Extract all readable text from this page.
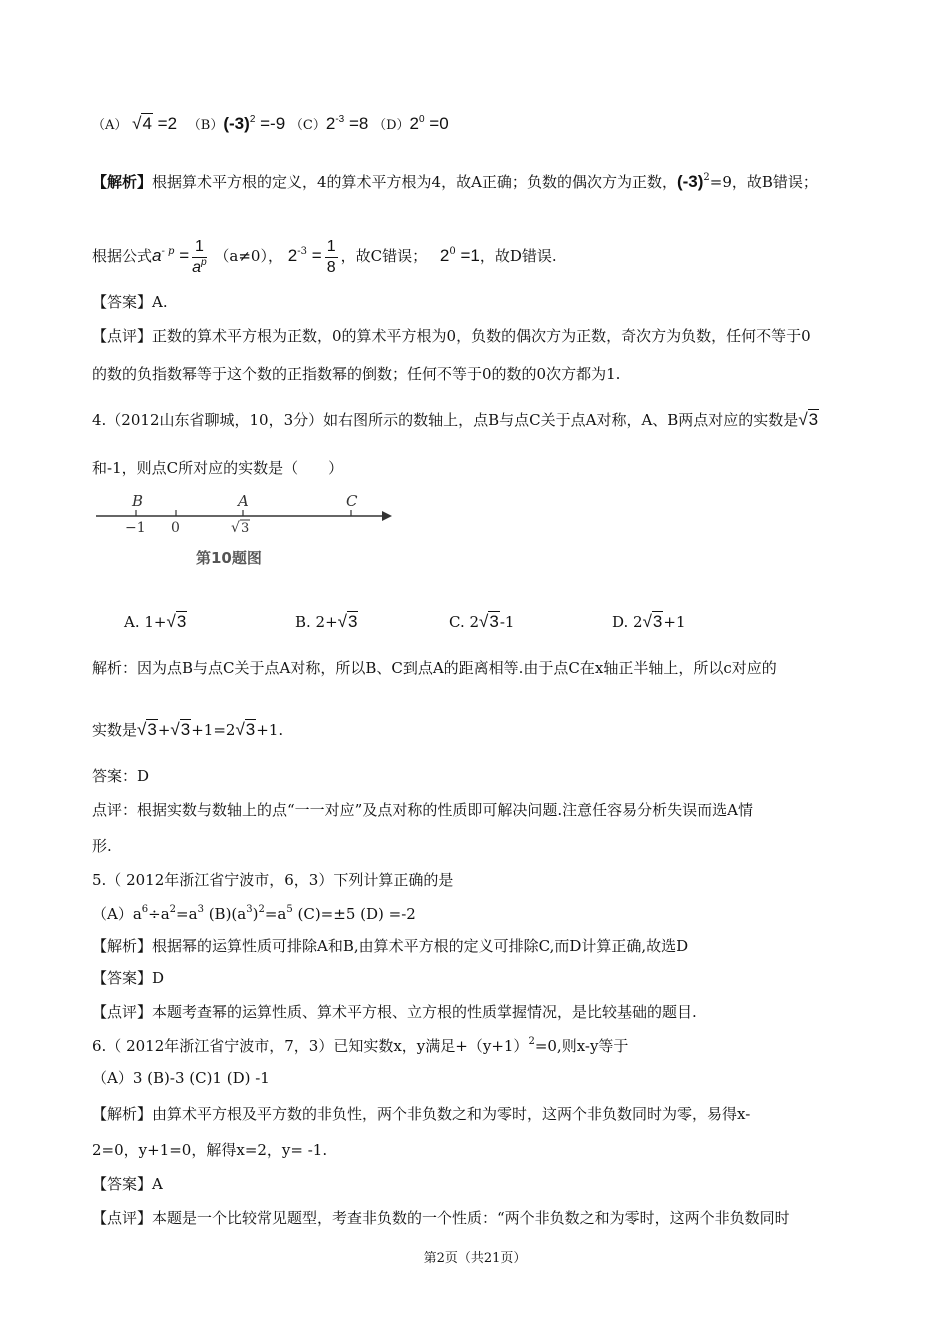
（A） √4 =2 $(B)(-3)^2 =-9$ $(C)2^{-3} =8$ $(D)2^0 =0$
【解析】根据算术平方根的定义，4的算术平方根为4，故A正确；负数的偶次方为正数，$(-3)^2=9$，故B错误；
根据公式$a^{- p} = \frac{1}{a^p} (a\ne 0)$， $2^{-3} = \frac{1}{8}$ ，故C错误； $2^0 =1$，故D错误.
【答案】A.
【点评】正数的算术平方根为正数，0的算术平方根为0，负数的偶次方为正数，奇次方为负数，任何不等于0
的数的负指数幂等于这个数的正指数幂的倒数；任何不等于0的数的0次方都为1.
4.（2012山东省聊城，10，3分）如右图所示的数轴上，点B与点C关于点A对称，A、B两点对应的实数是√3
和-1，则点C所对应的实数是（　　）
B	A	C
−1 0	√ 3
第10题图
A. 1+√3	B. 2+√3	C. 2√3-1	D. 2√3+1
解析：因为点B与点C关于点A对称，所以B、C到点A的距离相等.由于点C在x轴正半轴上，所以c对应的
实数是√3+√3+1=2√3+1.
答案：D
点评：根据实数与数轴上的点“一一对应”及点对称的性质即可解决问题.注意任容易分析失误而选A情
形.
5.（ 2012年浙江省宁波市，6，3）下列计算正确的是
$(A)a^6\div a^2=a^3$ $(B)(a^3)^2=a^5$ (C)=±5 (D) =-2
【解析】根据幂的运算性质可排除A和B,由算术平方根的定义可排除C,而D计算正确,故选D
【答案】D
【点评】本题考查幂的运算性质、算术平方根、立方根的性质掌握情况，是比较基础的题目.
6.（ 2012年浙江省宁波市，7，3）已知实数x，y满足$+(y+1)^2=0$,则x-y等于
（A）3 (B)-3 (C)1 (D) -1
【解析】由算术平方根及平方数的非负性，两个非负数之和为零时，这两个非负数同时为零，易得x-
2=0，y+1=0，解得x=2，y= -1.
【答案】A
【点评】本题是一个比较常见题型，考查非负数的一个性质：“两个非负数之和为零时，这两个非负数同时
第2页（共21页）
